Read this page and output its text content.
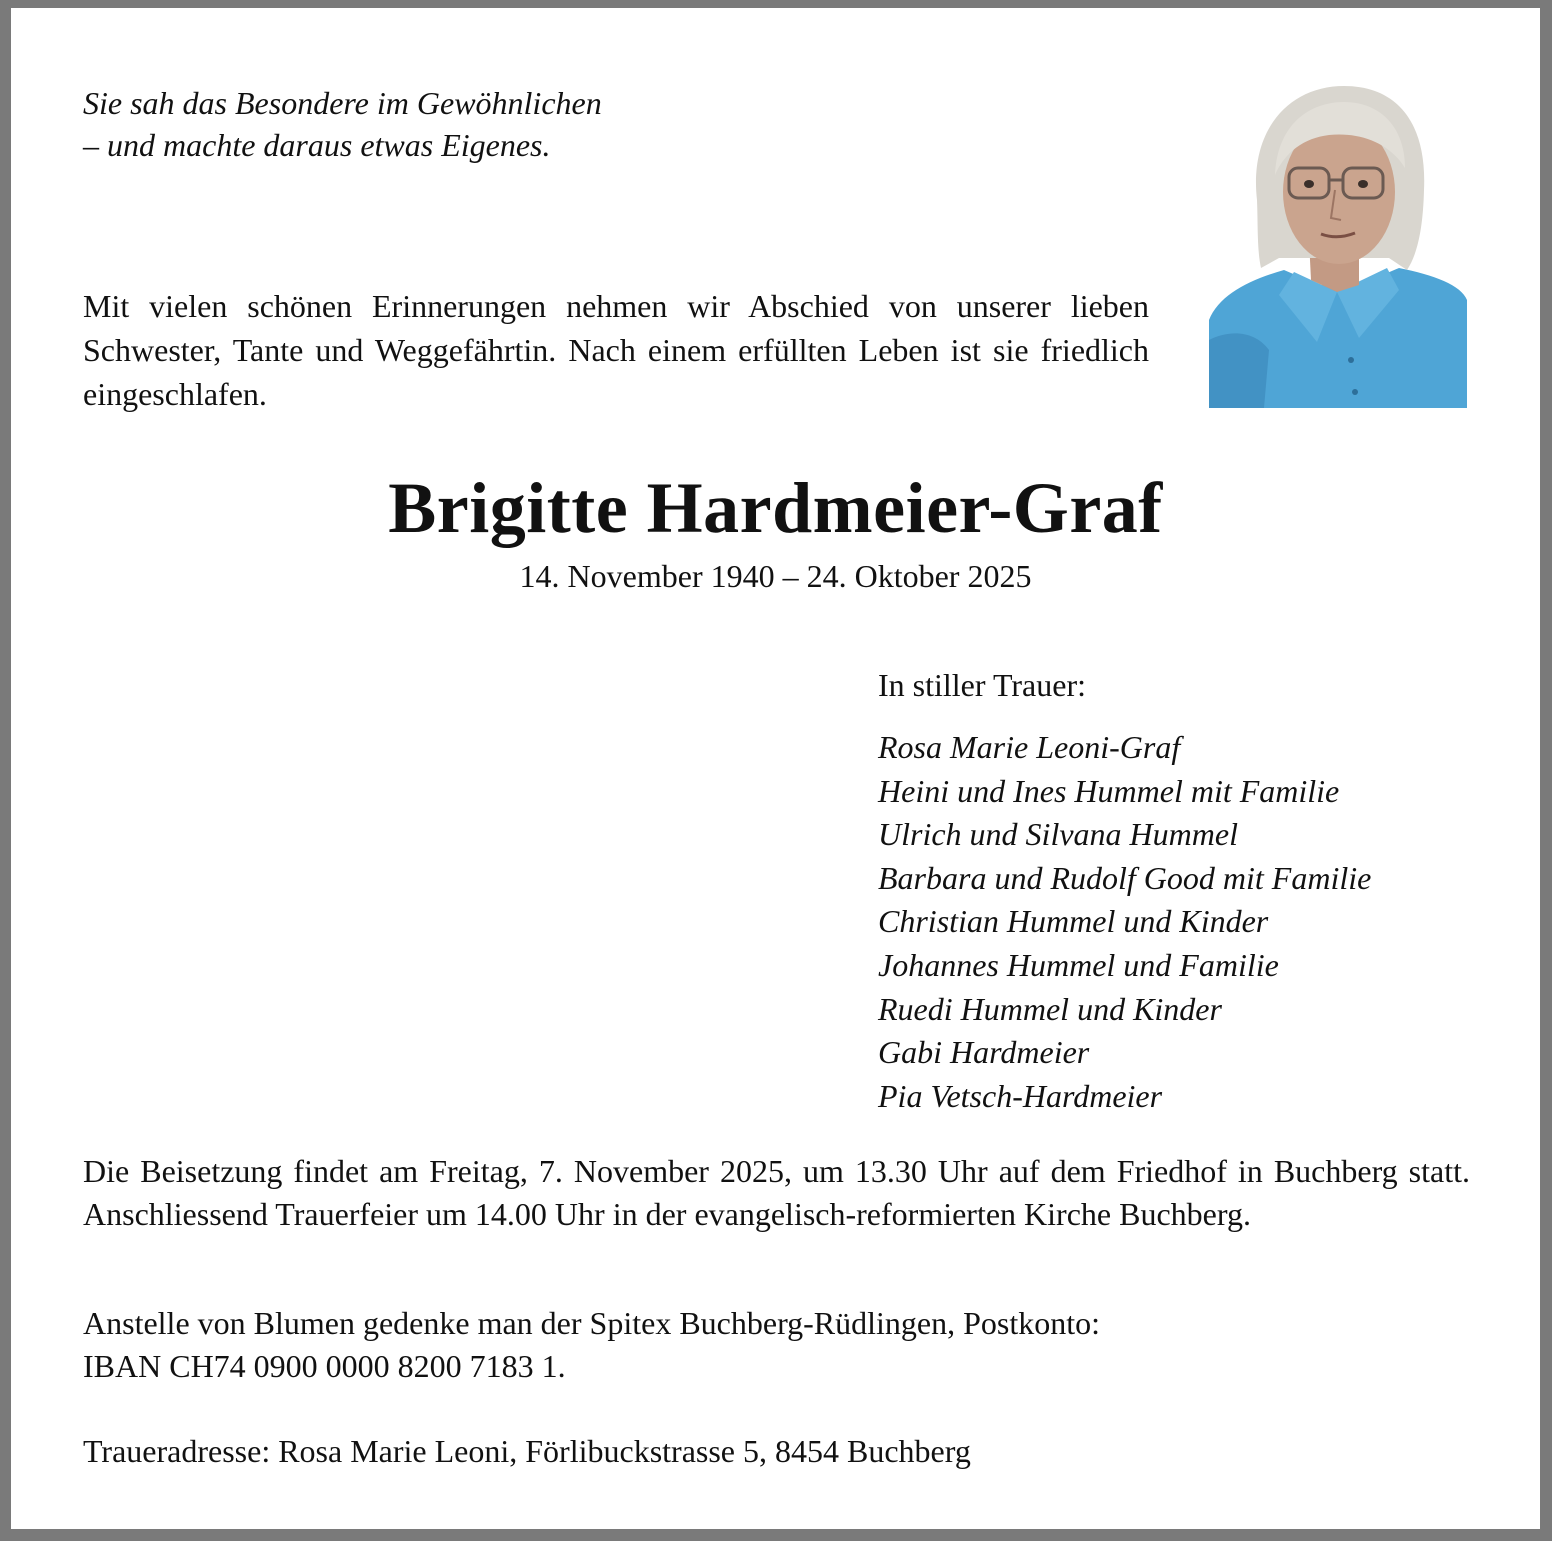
Sie sah das Besondere im Gewöhnlichen
– und machte daraus etwas Eigenes.
Mit vielen schönen Erinnerungen nehmen wir Abschied von unserer lieben Schwester, Tante und Weggefährtin. Nach einem erfüllten Leben ist sie friedlich eingeschlafen.
Brigitte Hardmeier-Graf
14. November 1940 – 24. Oktober 2025
In stiller Trauer:
Rosa Marie Leoni-Graf
Heini und Ines Hummel mit Familie
Ulrich und Silvana Hummel
Barbara und Rudolf Good mit Familie
Christian Hummel und Kinder
Johannes Hummel und Familie
Ruedi Hummel und Kinder
Gabi Hardmeier
Pia Vetsch-Hardmeier
Die Beisetzung findet am Freitag, 7. November 2025, um 13.30 Uhr auf dem Friedhof in Buchberg statt. Anschliessend Trauerfeier um 14.00 Uhr in der evangelisch-reformierten Kirche Buchberg.
Anstelle von Blumen gedenke man der Spitex Buchberg-Rüdlingen, Postkonto:
IBAN CH74 0900 0000 8200 7183 1.
Traueradresse: Rosa Marie Leoni, Förlibuckstrasse 5, 8454 Buchberg
